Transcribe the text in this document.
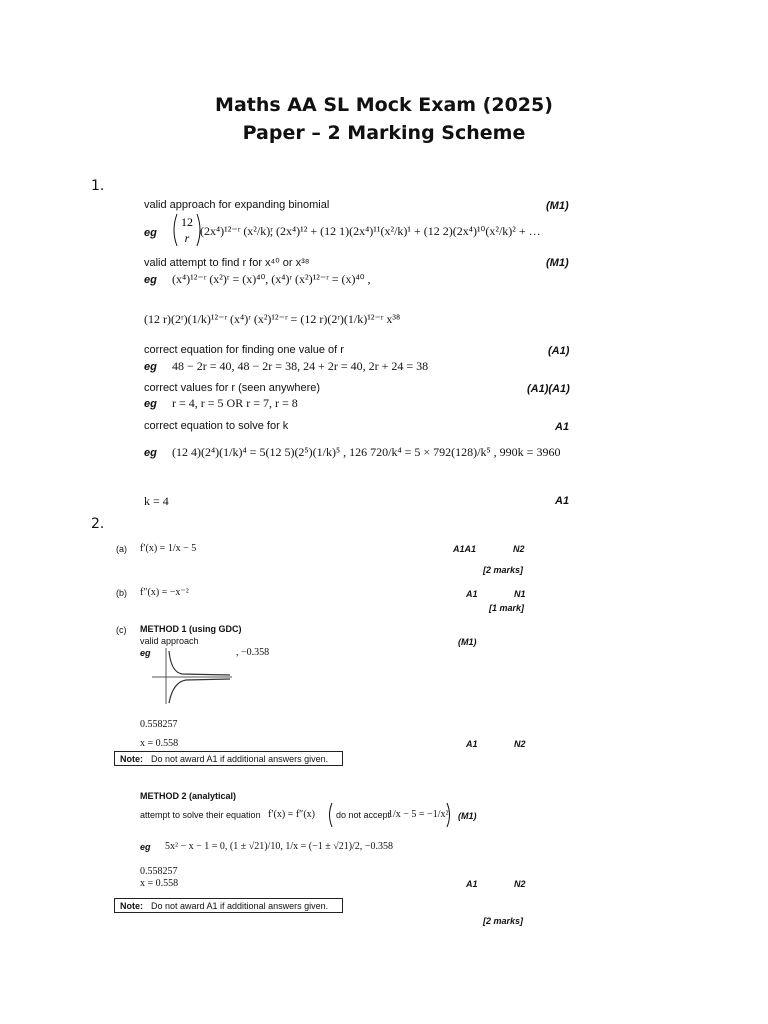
Maths AA SL Mock Exam (2025)
Paper – 2 Marking Scheme
1.
valid approach for expanding binomial	(M1)
eg
12
r (2x⁴)¹²⁻ʳ (x²/k)ʳ
, (2x⁴)¹² + (12 1)(2x⁴)¹¹(x²/k)¹ + (12 2)(2x⁴)¹⁰(x²/k)² + …
valid attempt to find r for x⁴⁰ or x³⁸	(M1)
eg (x⁴)¹²⁻ʳ (x²)ʳ = (x)⁴⁰, (x⁴)ʳ (x²)¹²⁻ʳ = (x)⁴⁰ ,
(12 r)(2ʳ)(1/k)¹²⁻ʳ (x⁴)ʳ (x²)¹²⁻ʳ = (12 r)(2ʳ)(1/k)¹²⁻ʳ x³⁸
correct equation for finding one value of r	(A1)
eg 48 − 2r = 40, 48 − 2r = 38, 24 + 2r = 40, 2r + 24 = 38
correct values for r (seen anywhere)	(A1)(A1)
eg r = 4, r = 5 OR r = 7, r = 8
correct equation to solve for k	A1
eg (12 4)(2⁴)(1/k)⁴ = 5(12 5)(2⁵)(1/k)⁵ , 126 720/k⁴ = 5 × 792(128)/k⁵ , 990k = 3960
k = 4	A1
2.
(a) f′(x) = 1/x − 5	A1A1	N2
[2 marks]
(b) f″(x) = −x⁻²	A1	N1
[1 mark]
(c) METHOD 1 (using GDC)
valid approach	(M1)
eg	, −0.358
0.558257
x = 0.558	A1	N2
Note: Do not award A1 if additional answers given.
METHOD 2 (analytical)
attempt to solve their equation f′(x) = f″(x) do not accept
1/x − 5 = −1/x² (M1)
eg 5x² − x − 1 = 0, (1 ± √21)/10, 1/x = (−1 ± √21)/2, −0.358
0.558257
x = 0.558	A1	N2
Note: Do not award A1 if additional answers given.
[2 marks]
